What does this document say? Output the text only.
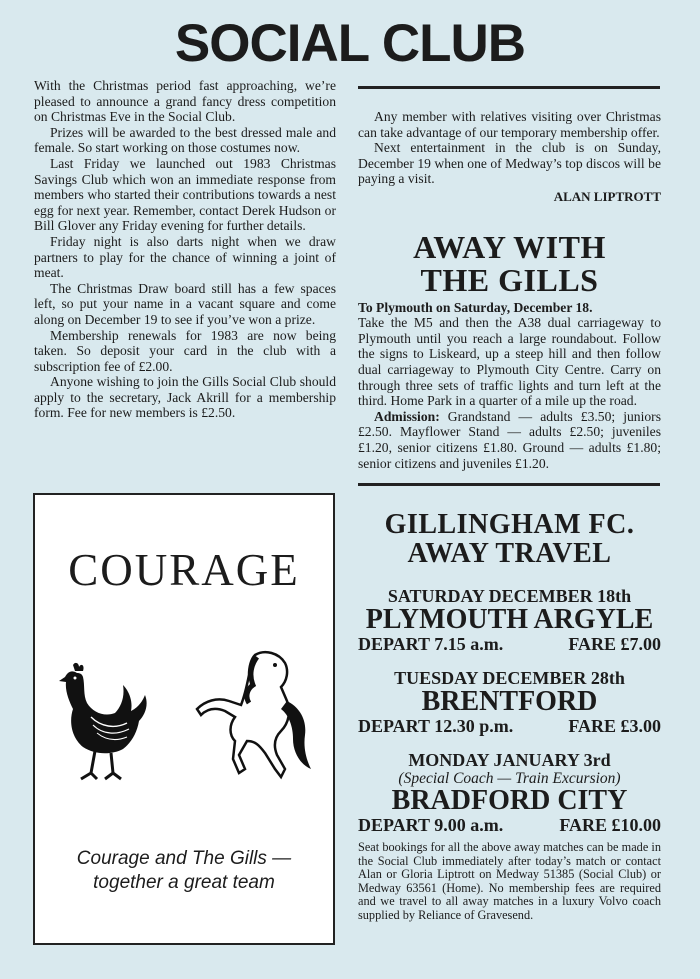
SOCIAL CLUB

With the Christmas period fast approaching, we’re pleased to announce a grand fancy dress competition on Christmas Eve in the Social Club.

Prizes will be awarded to the best dressed male and female. So start working on those costumes now.

Last Friday we launched out 1983 Christmas Savings Club which won an immediate response from members who started their contributions towards a nest egg for next year. Remember, contact Derek Hudson or Bill Glover any Friday evening for further details.

Friday night is also darts night when we draw partners to play for the chance of winning a joint of meat.

The Christmas Draw board still has a few spaces left, so put your name in a vacant square and come along on December 19 to see if you’ve won a prize.

Membership renewals for 1983 are now being taken. So deposit your card in the club with a subscription fee of £2.00.

Anyone wishing to join the Gills Social Club should apply to the secretary, Jack Akrill for a membership form. Fee for new members is £2.50.

Any member with relatives visiting over Christmas can take advantage of our temporary membership offer.

Next entertainment in the club is on Sunday, December 19 when one of Medway’s top discos will be paying a visit.

ALAN LIPTROTT
AWAY WITH
THE GILLS
To Plymouth on Saturday, December 18.
Take the M5 and then the A38 dual carriageway to Plymouth until you reach a large roundabout. Follow the signs to Liskeard, up a steep hill and then follow dual carriageway to Plymouth City Centre. Carry on through three sets of traffic lights and turn left at the third. Home Park in a quarter of a mile up the road.
Admission: Grandstand — adults £3.50; juniors £2.50. Mayflower Stand — adults £2.50; juveniles £1.20, senior citizens £1.80. Ground — adults £1.80; senior citizens and juveniles £1.20.
COURAGE
Courage and The Gills —
together a great team
GILLINGHAM FC.
AWAY TRAVEL
SATURDAY DECEMBER 18th
PLYMOUTH ARGYLE
DEPART 7.15 a.m.	FARE £7.00
TUESDAY DECEMBER 28th
BRENTFORD
DEPART 12.30 p.m.	FARE £3.00
MONDAY JANUARY 3rd
(Special Coach — Train Excursion)
BRADFORD CITY
DEPART 9.00 a.m.	FARE £10.00
Seat bookings for all the above away matches can be made in the Social Club immediately after today’s match or contact Alan or Gloria Liptrott on Medway 51385 (Social Club) or Medway 63561 (Home). No membership fees are required and we travel to all away matches in a luxury Volvo coach supplied by Reliance of Gravesend.
